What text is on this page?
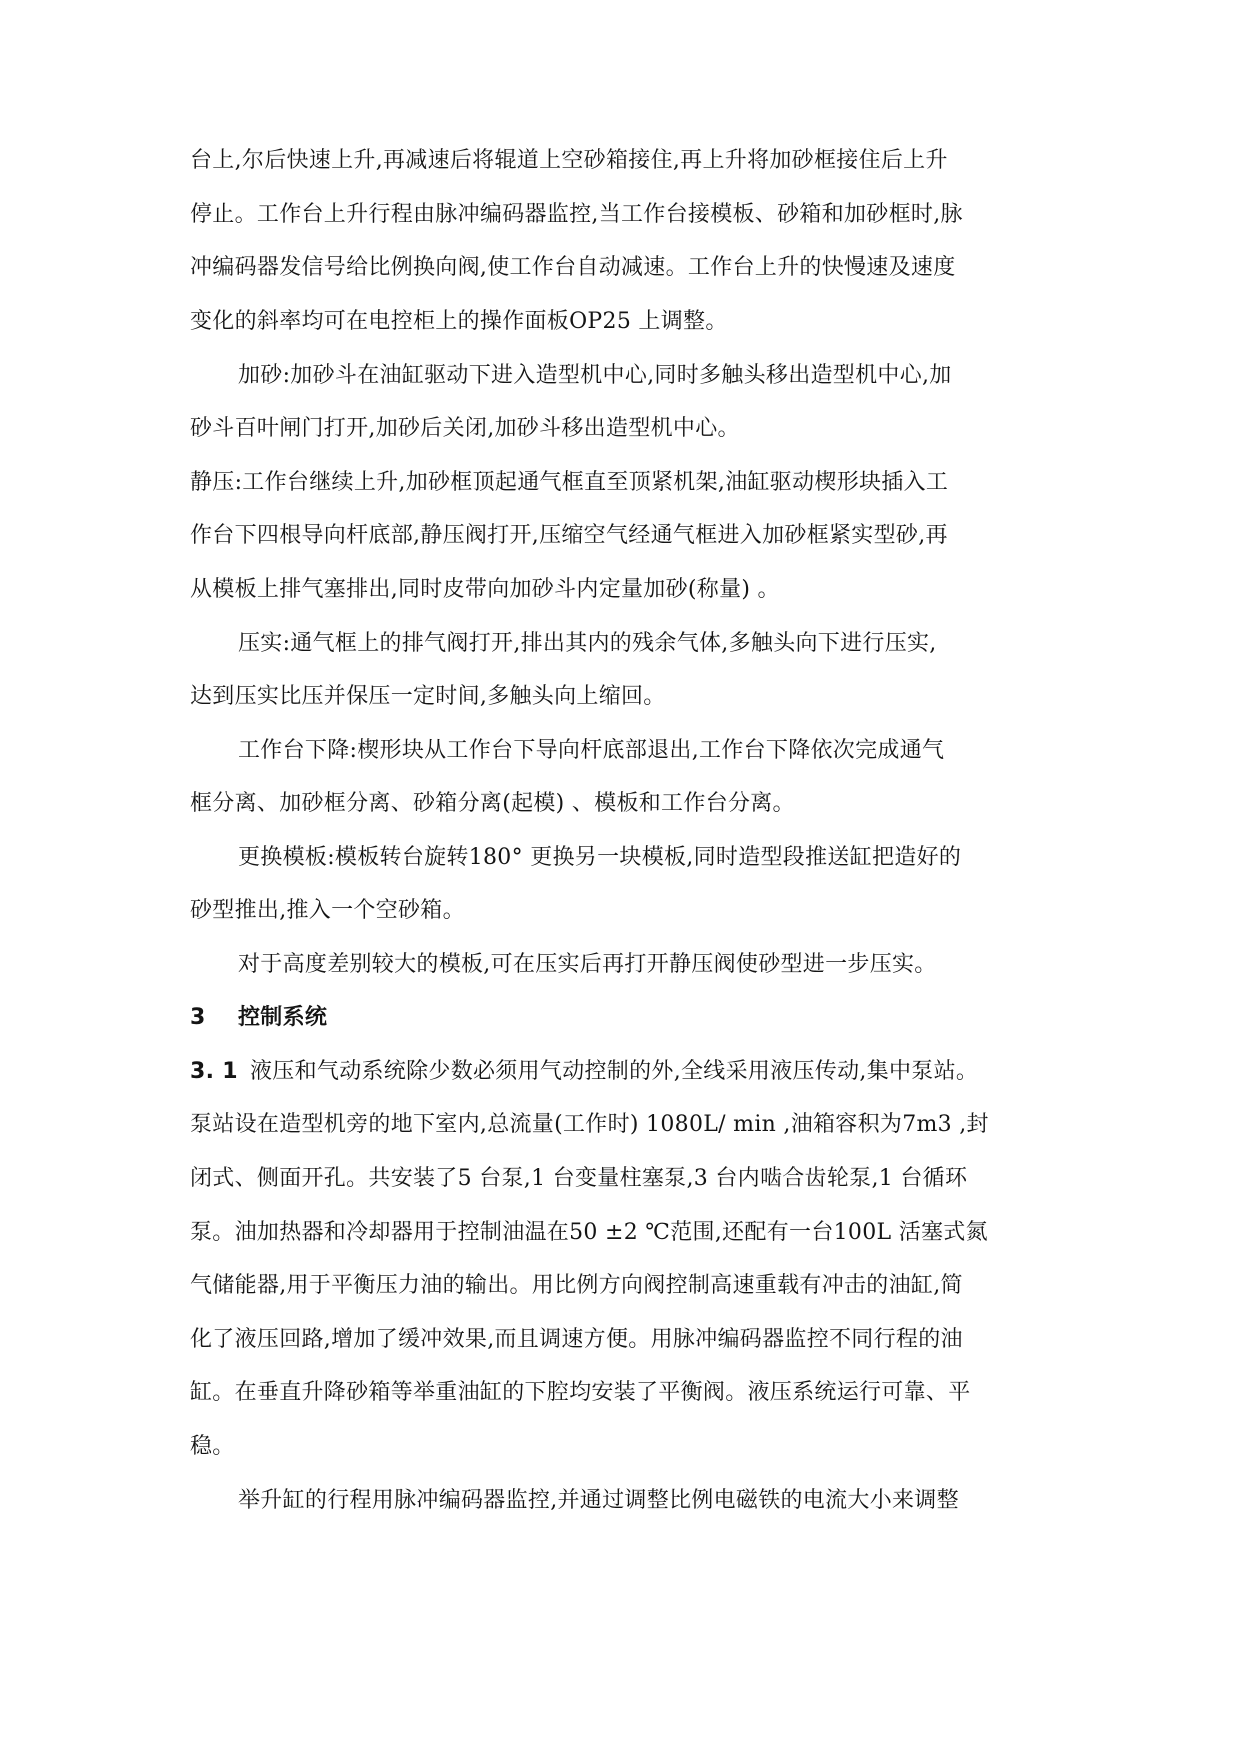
台上,尔后快速上升,再减速后将辊道上空砂箱接住,再上升将加砂框接住后上升
停止。工作台上升行程由脉冲编码器监控,当工作台接模板、砂箱和加砂框时,脉
冲编码器发信号给比例换向阀,使工作台自动减速。工作台上升的快慢速及速度
变化的斜率均可在电控柜上的操作面板OP25 上调整。
加砂:加砂斗在油缸驱动下进入造型机中心,同时多触头移出造型机中心,加
砂斗百叶闸门打开,加砂后关闭,加砂斗移出造型机中心。
静压:工作台继续上升,加砂框顶起通气框直至顶紧机架,油缸驱动楔形块插入工
作台下四根导向杆底部,静压阀打开,压缩空气经通气框进入加砂框紧实型砂,再
从模板上排气塞排出,同时皮带向加砂斗内定量加砂(称量) 。
压实:通气框上的排气阀打开,排出其内的残余气体,多触头向下进行压实,
达到压实比压并保压一定时间,多触头向上缩回。
工作台下降:楔形块从工作台下导向杆底部退出,工作台下降依次完成通气
框分离、加砂框分离、砂箱分离(起模) 、模板和工作台分离。
更换模板:模板转台旋转180° 更换另一块模板,同时造型段推送缸把造好的
砂型推出,推入一个空砂箱。
对于高度差别较大的模板,可在压实后再打开静压阀使砂型进一步压实。
3 控制系统
3. 1 液压和气动系统除少数必须用气动控制的外,全线采用液压传动,集中泵站。
泵站设在造型机旁的地下室内,总流量(工作时) 1080L/ min ,油箱容积为7m3 ,封
闭式、侧面开孔。共安装了5 台泵,1 台变量柱塞泵,3 台内啮合齿轮泵,1 台循环
泵。油加热器和冷却器用于控制油温在50 ±2 ℃范围,还配有一台100L 活塞式氮
气储能器,用于平衡压力油的输出。用比例方向阀控制高速重载有冲击的油缸,简
化了液压回路,增加了缓冲效果,而且调速方便。用脉冲编码器监控不同行程的油
缸。在垂直升降砂箱等举重油缸的下腔均安装了平衡阀。液压系统运行可靠、平
稳。
举升缸的行程用脉冲编码器监控,并通过调整比例电磁铁的电流大小来调整
